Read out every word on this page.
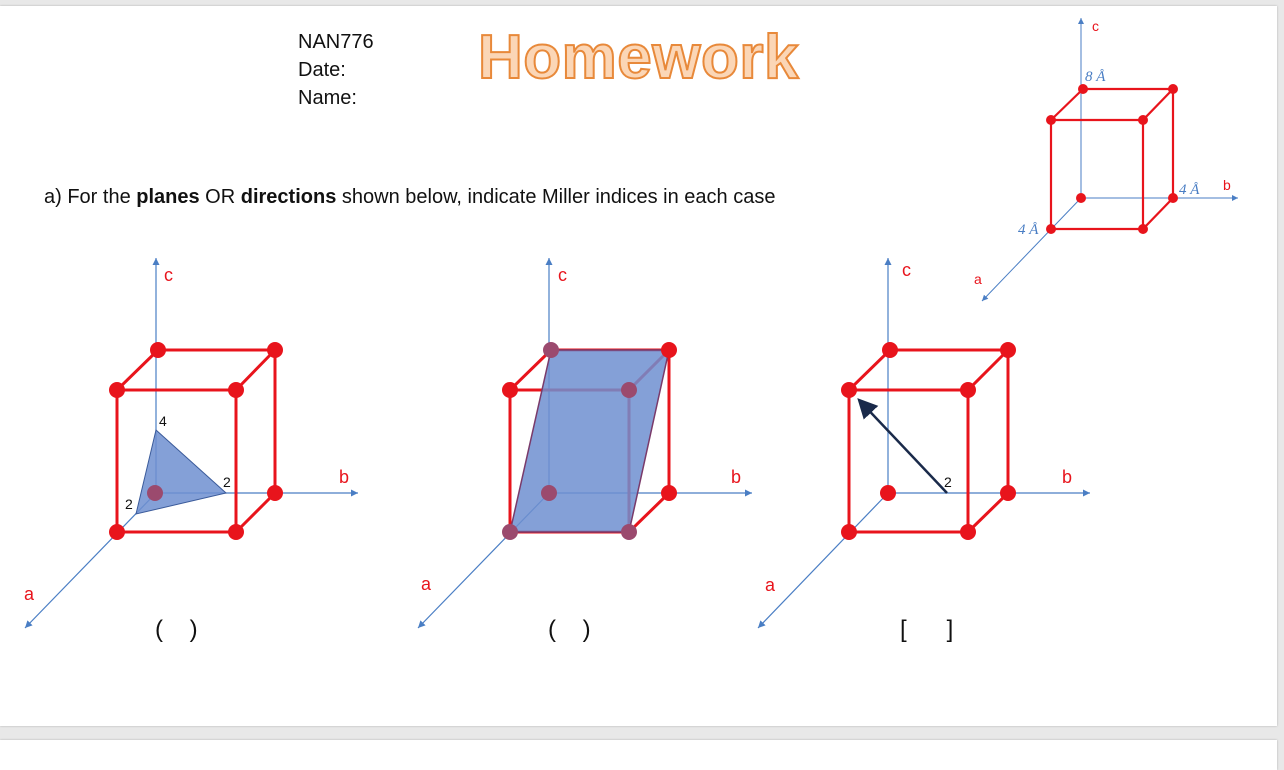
NAN776
Date:
Name:
Homework
a) For the planes OR directions shown below, indicate Miller indices in each case
c
b
a
8 Å
4 Å
4 Å
c
b
a
4
2
2
c
b
a
c
b
a
2
(    )	(    )	[      ]
